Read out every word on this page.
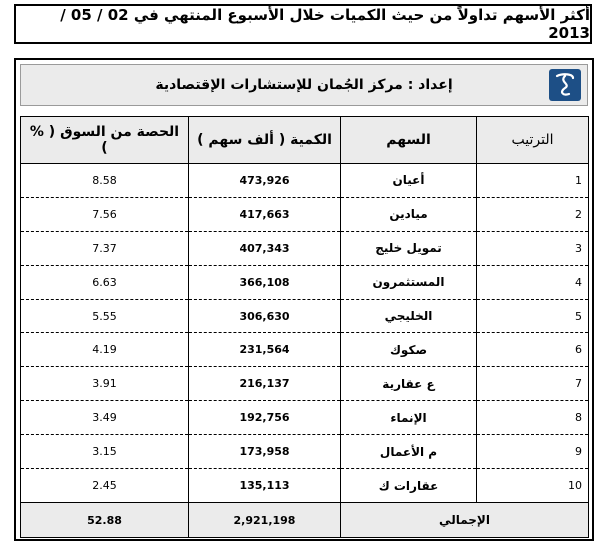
أكثر الأسهم تداولاً من حيث الكميات خلال الأسبوع المنتهي في 02 / 05 / 2013
إعداد : مركز الجُمان للإستشارات الإقتصادية
الترتيب	السهم	الكمية ( ألف سهم )	الحصة من السوق ( % )
1	أعيان	473,926	8.58
2	ميادين	417,663	7.56
3	تمويل خليج	407,343	7.37
4	المستثمرون	366,108	6.63
5	الخليجي	306,630	5.55
6	صكوك	231,564	4.19
7	ع عقارية	216,137	3.91
8	الإنماء	192,756	3.49
9	م الأعمال	173,958	3.15
10	عقارات ك	135,113	2.45
الإجمالي		2,921,198	52.88
